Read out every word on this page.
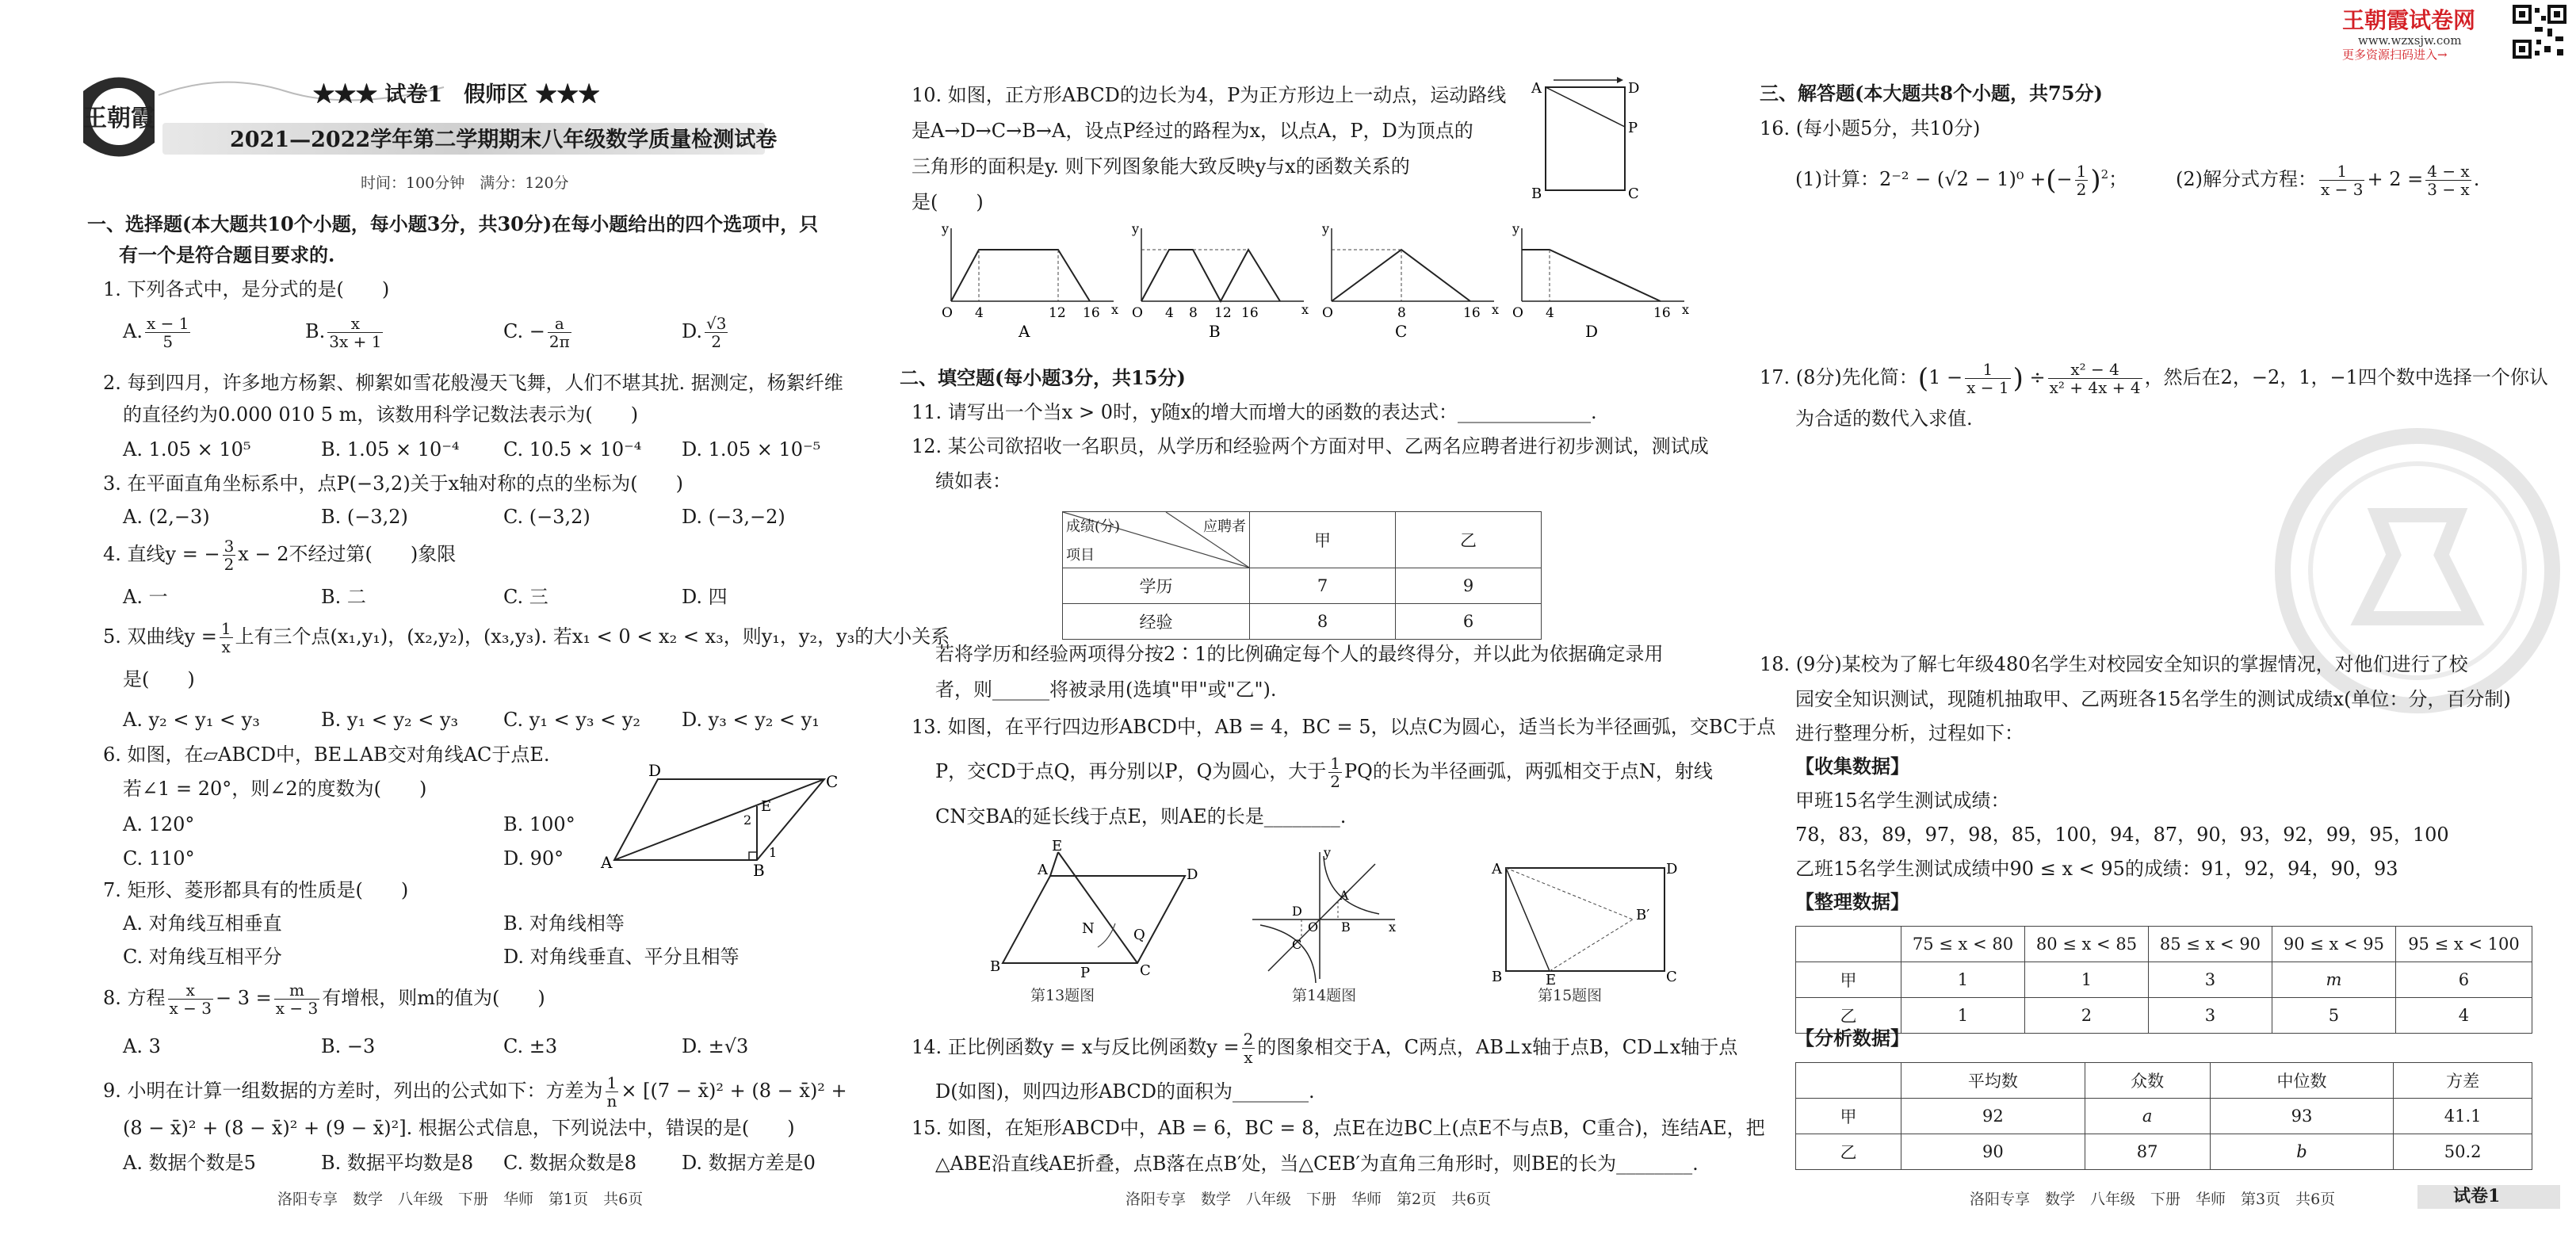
王朝霞
★★★ 试卷1　假师区 ★★★
2021—2022学年第二学期期末八年级数学质量检测试卷
时间：100分钟　满分：120分
一、选择题(本大题共10个小题，每小题3分，共30分)在每小题给出的四个选项中，只
有一个是符合题目要求的.
1. 下列各式中，是分式的是(　　)
A. $\frac{x - 1}{5}$	B. $\frac{x}{3x + 1}$	C. − $\frac{a}{2\pi}$	D. $\frac{√3}{2}$
2. 每到四月，许多地方杨絮、柳絮如雪花般漫天飞舞，人们不堪其扰. 据测定，杨絮纤维
的直径约为0.000 010 5 m，该数用科学记数法表示为(　　)
A. 1.05 × 10⁵	B. 1.05 × 10⁻⁴ C. 10.5 × 10⁻⁴ D. 1.05 × 10⁻⁵
3. 在平面直角坐标系中，点P(−3,2)关于x轴对称的点的坐标为(　　)
A. (2,−3)	B. (−3,2)	C. (−3,2)	D. (−3,−2)
4. 直线y = − $\frac{3}{2}$ x − 2不经过第(　　)象限
A. 一	B. 二	C. 三	D. 四
5. 双曲线$y = \frac{1}{x}$ 上有三个点(x₁,y₁)，(x₂,y₂)，(x₃,y₃). 若x₁ < 0 < x₂ < x₃，则y₁，y₂，y₃的大小关系
是(　　)
A. y₂ < y₁ < y₃	B. y₁ < y₂ < y₃ C. y₁ < y₃ < y₂ D. y₃ < y₂ < y₁
6. 如图，在▱ABCD中，BE⊥AB交对角线AC于点E.
若∠1 = 20°，则∠2的度数为(　　)
A. 120°	B. 100°
C. 110°	D. 90° A
D
C
B
E
2
1
7. 矩形、菱形都具有的性质是(　　)
A. 对角线互相垂直	B. 对角线相等
C. 对角线互相平分	D. 对角线垂直、平分且相等
8. 方程 $\frac{x}{x - 3} - 3 = \frac{m}{x - 3}$ 有增根，则m的值为(　　)
A. 3	B. −3	C. ±3	D. ±√3
9. 小明在计算一组数据的方差时，列出的公式如下：方差为 $\frac{1}{n} \times [(7$ − x̄)² + (8 − x̄)² +
(8 − x̄)² + (8 − x̄)² + (9 − x̄)²]. 根据公式信息，下列说法中，错误的是(　　)
A. 数据个数是5	B. 数据平均数是8 C. 数据众数是8 D. 数据方差是0
洛阳专享　数学　八年级　下册　华师　第1页　共6页
10. 如图，正方形ABCD的边长为4，P为正方形边上一动点，运动路线
是A→D→C→B→A，设点P经过的路程为x，以点A，P，D为顶点的
三角形的面积是y. 则下列图象能大致反映y与x的函数关系的
是(　　)
A	D
P
B	C
O 4	12 16
y
x
A
O 4 8 12 16
y
x
B
O	8	16
y
x
C
O 4	16
y
x
D
二、填空题(每小题3分，共15分)
11. 请写出一个当x > 0时，y随x的增大而增大的函数的表达式：______________.
12. 某公司欲招收一名职员，从学历和经验两个方面对甲、乙两名应聘者进行初步测试，测试成
绩如表：
成绩(分) 应聘者
项目	甲	乙
学历	7	9
经验	8	6
若将学历和经验两项得分按2∶1的比例确定每个人的最终得分，并以此为依据确定录用
者，则______将被录用(选填"甲"或"乙").
13. 如图，在平行四边形ABCD中，AB = 4，BC = 5，以点C为圆心，适当长为半径画弧，交BC于点
P，交CD于点Q，再分别以P，Q为圆心，大于 $\frac{1}{2}$ PQ的长为半径画弧，两弧相交于点N，射线
CN交BA的延长线于点E，则AE的长是________.
B
A
E
D
C
P
Q
N
第13题图
A
B
D
C
O	x
y
第14题图
A	D
B	C
E
B′
第15题图
14. 正比例函数y = x与反比例函数$y = \frac{2}{x}$ 的图象相交于A，C两点，AB⊥x轴于点B，CD⊥x轴于点
D(如图)，则四边形ABCD的面积为________.
15. 如图，在矩形ABCD中，AB = 6，BC = 8，点E在边BC上(点E不与点B，C重合)，连结AE，把
△ABE沿直线AE折叠，点B落在点B′处，当△CEB′为直角三角形时，则BE的长为________.
洛阳专享　数学　八年级　下册　华师　第2页　共6页
王朝霞试卷网
www.wzxsjw.com
更多资源扫码进入→
三、解答题(本大题共8个小题，共75分)
16. (每小题5分，共10分)
(1)计算：2⁻² − (√2 − 1)⁰ +(− $\frac{1}{2} )^2$；	(2)解分式方程： $\frac{1}{x - 3} + 2 = \frac{4 - x}{3 - x}$ .
17. (8分)先化简：($1 - \frac{1}{x - 1}$ ) ÷ $\frac{\text{x² − 4}}{\text{x² + 4x + 4}}$ ，然后在2，−2，1，−1四个数中选择一个你认
为合适的数代入求值.
18. (9分)某校为了解七年级480名学生对校园安全知识的掌握情况，对他们进行了校
园安全知识测试，现随机抽取甲、乙两班各15名学生的测试成绩x(单位：分，百分制)
进行整理分析，过程如下：
【收集数据】
甲班15名学生测试成绩：
78，83，89，97，98，85，100，94，87，90，93，92，99，95，100
乙班15名学生测试成绩中90 ≤ x < 95的成绩：91，92，94，90，93
【整理数据】
	75 ≤ x < 80	80 ≤ x < 85	85 ≤ x < 90	90 ≤ x < 95	95 ≤ x < 100
甲	1	1	3	m	6
乙	1	2	3	5	4
【分析数据】
	平均数	众数	中位数	方差
甲	92	a	93	41.1
乙	90	87	b	50.2
洛阳专享　数学　八年级　下册　华师　第3页　共6页	试卷1
